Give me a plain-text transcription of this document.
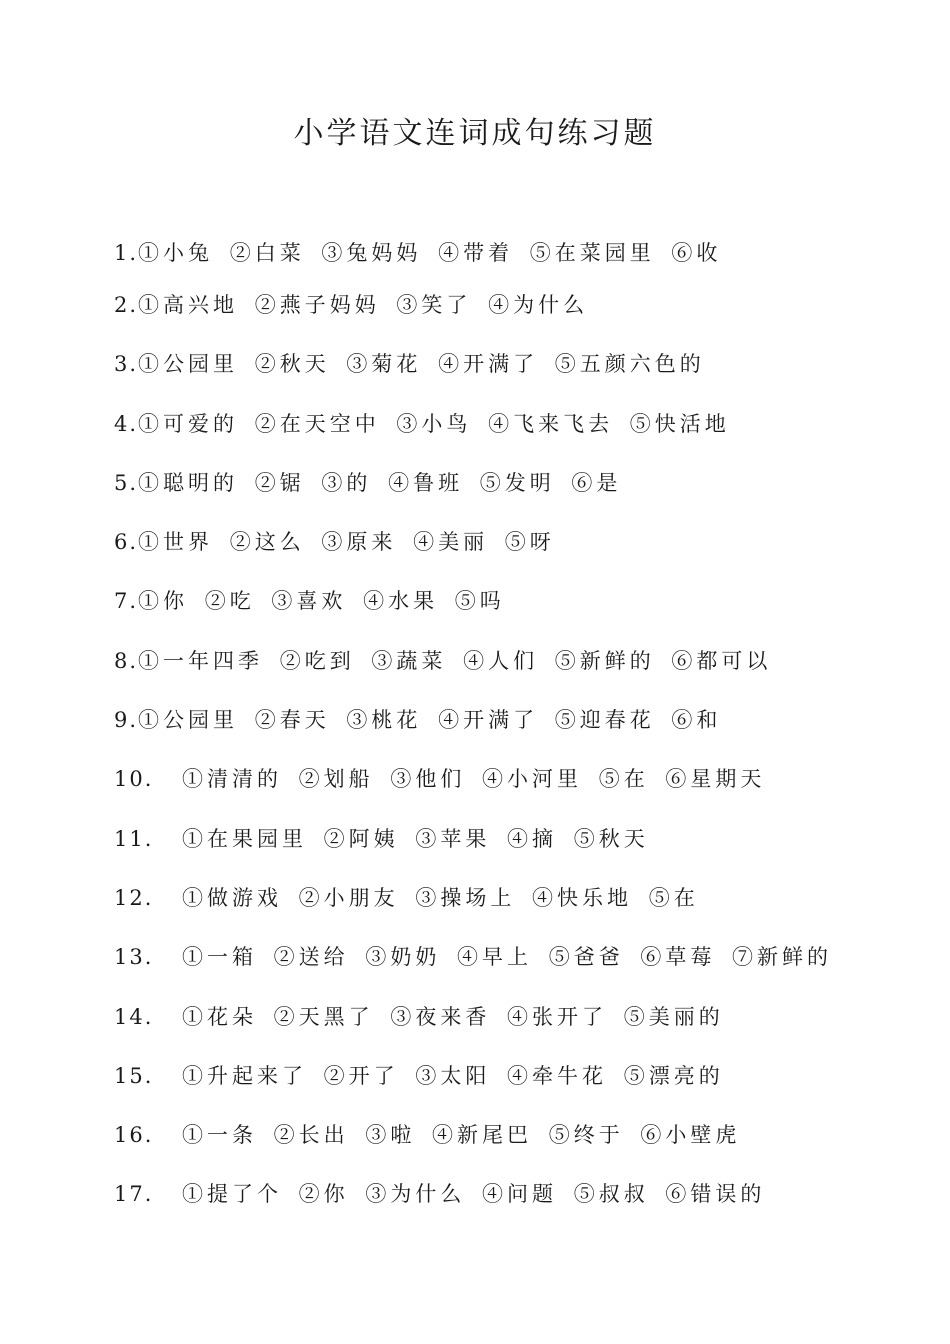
小学语文连词成句练习题
1. ①小兔 ②白菜 ③兔妈妈 ④带着 ⑤在菜园里 ⑥收
2. ①高兴地 ②燕子妈妈 ③笑了 ④为什么
3. ①公园里 ②秋天 ③菊花 ④开满了 ⑤五颜六色的
4. ①可爱的 ②在天空中 ③小鸟 ④飞来飞去 ⑤快活地
5. ①聪明的 ②锯 ③的 ④鲁班 ⑤发明 ⑥是
6. ①世界 ②这么 ③原来 ④美丽 ⑤呀
7. ①你 ②吃 ③喜欢 ④水果 ⑤吗
8. ①一年四季 ②吃到 ③蔬菜 ④人们 ⑤新鲜的 ⑥都可以
9. ①公园里 ②春天 ③桃花 ④开满了 ⑤迎春花 ⑥和
10.	①清清的 ②划船 ③他们 ④小河里 ⑤在 ⑥星期天
11.	①在果园里 ②阿姨 ③苹果 ④摘 ⑤秋天
12.	①做游戏 ②小朋友 ③操场上 ④快乐地 ⑤在
13.	①一箱 ②送给 ③奶奶 ④早上 ⑤爸爸 ⑥草莓 ⑦新鲜的
14.	①花朵 ②天黑了 ③夜来香 ④张开了 ⑤美丽的
15.	①升起来了 ②开了 ③太阳 ④牵牛花 ⑤漂亮的
16.	①一条 ②长出 ③啦 ④新尾巴 ⑤终于 ⑥小壁虎
17.	①提了个 ②你 ③为什么 ④问题 ⑤叔叔 ⑥错误的
